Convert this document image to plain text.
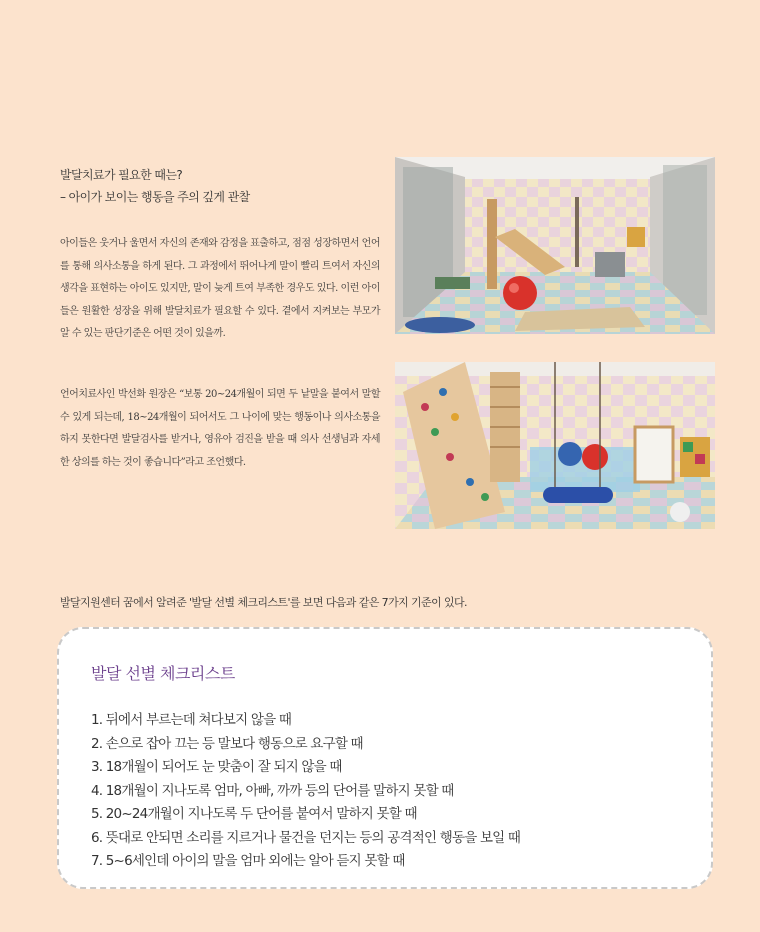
발달치료가 필요한 때는?
– 아이가 보이는 행동을 주의 깊게 관찰
아이들은 웃거나 울면서 자신의 존재와 감정을 표출하고, 점점 성장하면서 언어를 통해 의사소통을 하게 된다. 그 과정에서 뛰어나게 말이 빨리 트여서 자신의 생각을 표현하는 아이도 있지만, 말이 늦게 트여 부족한 경우도 있다. 이런 아이들은 원활한 성장을 위해 발달치료가 필요할 수 있다. 곁에서 지켜보는 부모가 알 수 있는 판단기준은 어떤 것이 있을까.
언어치료사인 박선화 원장은 “보통 20~24개월이 되면 두 낱말을 붙여서 말할 수 있게 되는데, 18~24개월이 되어서도 그 나이에 맞는 행동이나 의사소통을 하지 못한다면 발달검사를 받거나, 영유아 검진을 받을 때 의사 선생님과 자세한 상의를 하는 것이 좋습니다”라고 조언했다.
발달지원센터 꿈에서 알려준 '발달 선별 체크리스트'를 보면 다음과 같은 7가지 기준이 있다.
발달 선별 체크리스트
1. 뒤에서 부르는데 쳐다보지 않을 때
2. 손으로 잡아 끄는 등 말보다 행동으로 요구할 때
3. 18개월이 되어도 눈 맞춤이 잘 되지 않을 때
4. 18개월이 지나도록 엄마, 아빠, 까까 등의 단어를 말하지 못할 때
5. 20~24개월이 지나도록 두 단어를 붙여서 말하지 못할 때
6. 뜻대로 안되면 소리를 지르거나 물건을 던지는 등의 공격적인 행동을 보일 때
7. 5~6세인데 아이의 말을 엄마 외에는 알아 듣지 못할 때
